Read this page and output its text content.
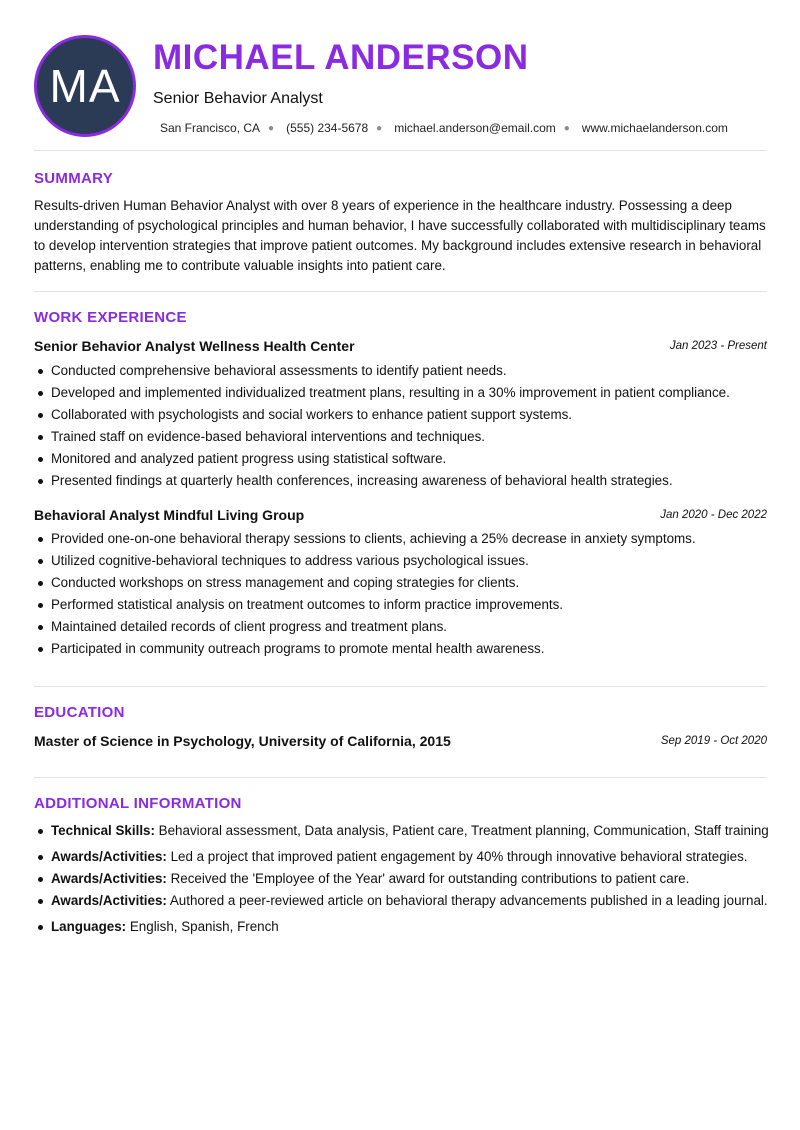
MA
MICHAEL ANDERSON
Senior Behavior Analyst
San Francisco, CA ● (555) 234-5678 ● michael.anderson@email.com ● www.michaelanderson.com
SUMMARY
Results-driven Human Behavior Analyst with over 8 years of experience in the healthcare industry. Possessing a deep understanding of psychological principles and human behavior, I have successfully collaborated with multidisciplinary teams to develop intervention strategies that improve patient outcomes. My background includes extensive research in behavioral patterns, enabling me to contribute valuable insights into patient care.
WORK EXPERIENCE
Senior Behavior Analyst Wellness Health Center	Jan 2023 - Present
Conducted comprehensive behavioral assessments to identify patient needs.
Developed and implemented individualized treatment plans, resulting in a 30% improvement in patient compliance.
Collaborated with psychologists and social workers to enhance patient support systems.
Trained staff on evidence-based behavioral interventions and techniques.
Monitored and analyzed patient progress using statistical software.
Presented findings at quarterly health conferences, increasing awareness of behavioral health strategies.
Behavioral Analyst Mindful Living Group	Jan 2020 - Dec 2022
Provided one-on-one behavioral therapy sessions to clients, achieving a 25% decrease in anxiety symptoms.
Utilized cognitive-behavioral techniques to address various psychological issues.
Conducted workshops on stress management and coping strategies for clients.
Performed statistical analysis on treatment outcomes to inform practice improvements.
Maintained detailed records of client progress and treatment plans.
Participated in community outreach programs to promote mental health awareness.
EDUCATION
Master of Science in Psychology, University of California, 2015	Sep 2019 - Oct 2020
ADDITIONAL INFORMATION
Technical Skills: Behavioral assessment, Data analysis, Patient care, Treatment planning, Communication, Staff training
Awards/Activities: Led a project that improved patient engagement by 40% through innovative behavioral strategies.
Awards/Activities: Received the 'Employee of the Year' award for outstanding contributions to patient care.
Awards/Activities: Authored a peer-reviewed article on behavioral therapy advancements published in a leading journal.
Languages: English, Spanish, French
